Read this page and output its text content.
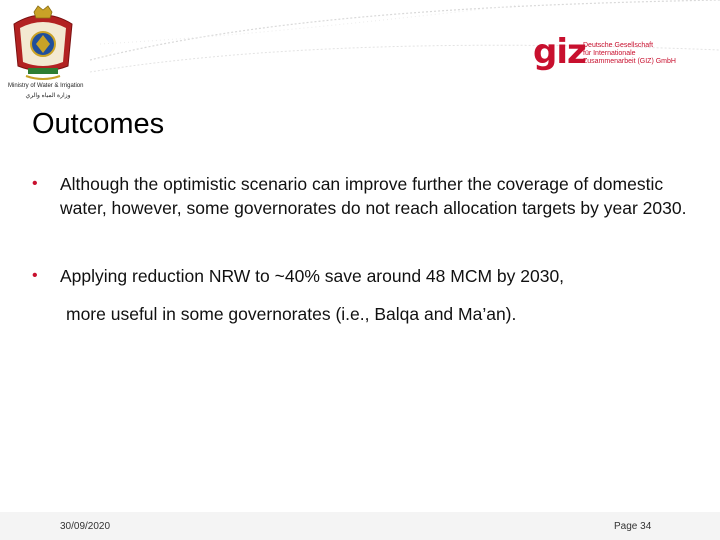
Ministry of Water & Irrigation
وزارة المياه والري
giz
Deutsche Gesellschaft
für Internationale
Zusammenarbeit (GIZ) GmbH
Outcomes
• Although the optimistic scenario can improve further the coverage of domestic water, however, some governorates do not reach allocation targets by year 2030.
• Applying reduction NRW to ~40% save around 48 MCM by 2030,
more useful in some governorates (i.e., Balqa and Ma’an).
30/09/2020	Page 34
